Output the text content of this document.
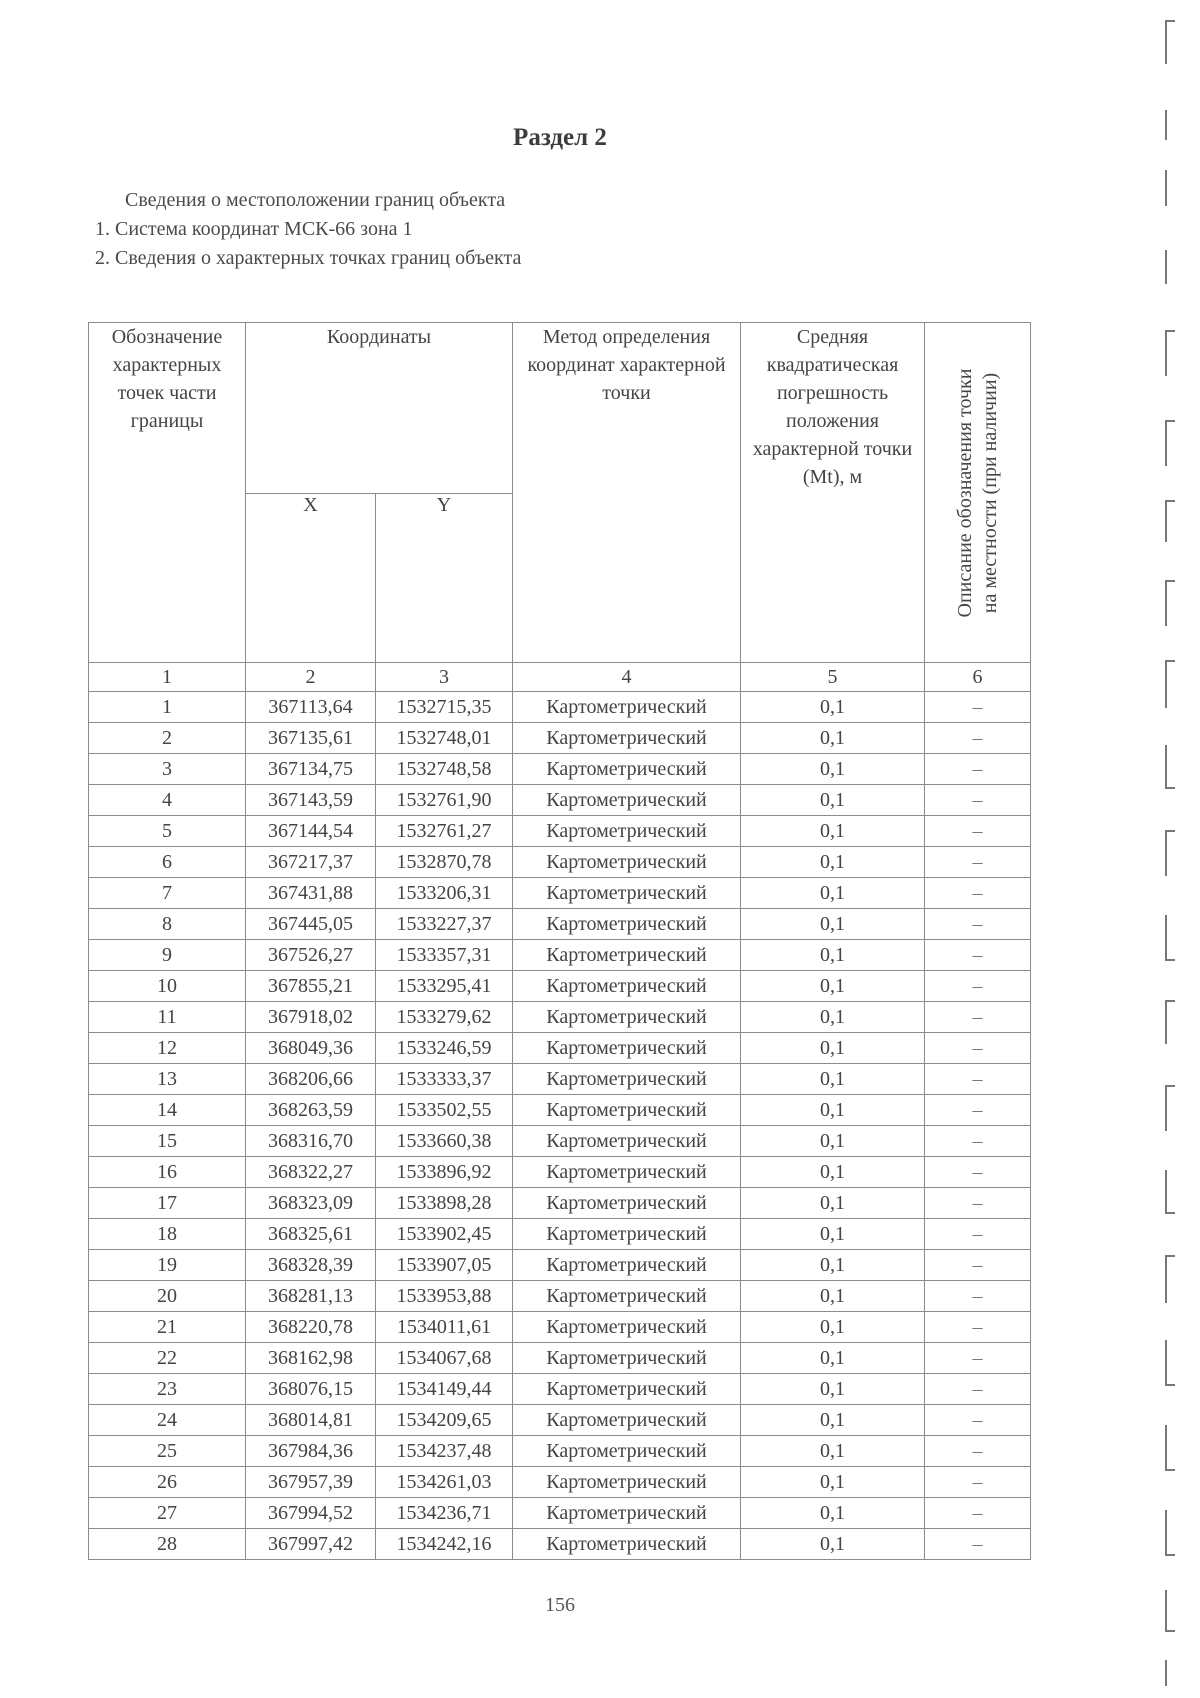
Раздел 2
Сведения о местоположении границ объекта
1. Система координат МСК-66 зона 1
2. Сведения о характерных точках границ объекта
Обозначение характерных точек части границы	Координаты		Метод определения координат характерной точки	Средняя квадратическая погрешность положения характерной точки (Mt), м	Описание обозначения точки на местности (при наличии)

	X	Y			
1	2	3	4	5	6
1	367113,64	1532715,35	Картометрический	0,1	–
2	367135,61	1532748,01	Картометрический	0,1	–
3	367134,75	1532748,58	Картометрический	0,1	–
4	367143,59	1532761,90	Картометрический	0,1	–
5	367144,54	1532761,27	Картометрический	0,1	–
6	367217,37	1532870,78	Картометрический	0,1	–
7	367431,88	1533206,31	Картометрический	0,1	–
8	367445,05	1533227,37	Картометрический	0,1	–
9	367526,27	1533357,31	Картометрический	0,1	–
10	367855,21	1533295,41	Картометрический	0,1	–
11	367918,02	1533279,62	Картометрический	0,1	–
12	368049,36	1533246,59	Картометрический	0,1	–
13	368206,66	1533333,37	Картометрический	0,1	–
14	368263,59	1533502,55	Картометрический	0,1	–
15	368316,70	1533660,38	Картометрический	0,1	–
16	368322,27	1533896,92	Картометрический	0,1	–
17	368323,09	1533898,28	Картометрический	0,1	–
18	368325,61	1533902,45	Картометрический	0,1	–
19	368328,39	1533907,05	Картометрический	0,1	–
20	368281,13	1533953,88	Картометрический	0,1	–
21	368220,78	1534011,61	Картометрический	0,1	–
22	368162,98	1534067,68	Картометрический	0,1	–
23	368076,15	1534149,44	Картометрический	0,1	–
24	368014,81	1534209,65	Картометрический	0,1	–
25	367984,36	1534237,48	Картометрический	0,1	–
26	367957,39	1534261,03	Картометрический	0,1	–
27	367994,52	1534236,71	Картометрический	0,1	–
28	367997,42	1534242,16	Картометрический	0,1	–
156
